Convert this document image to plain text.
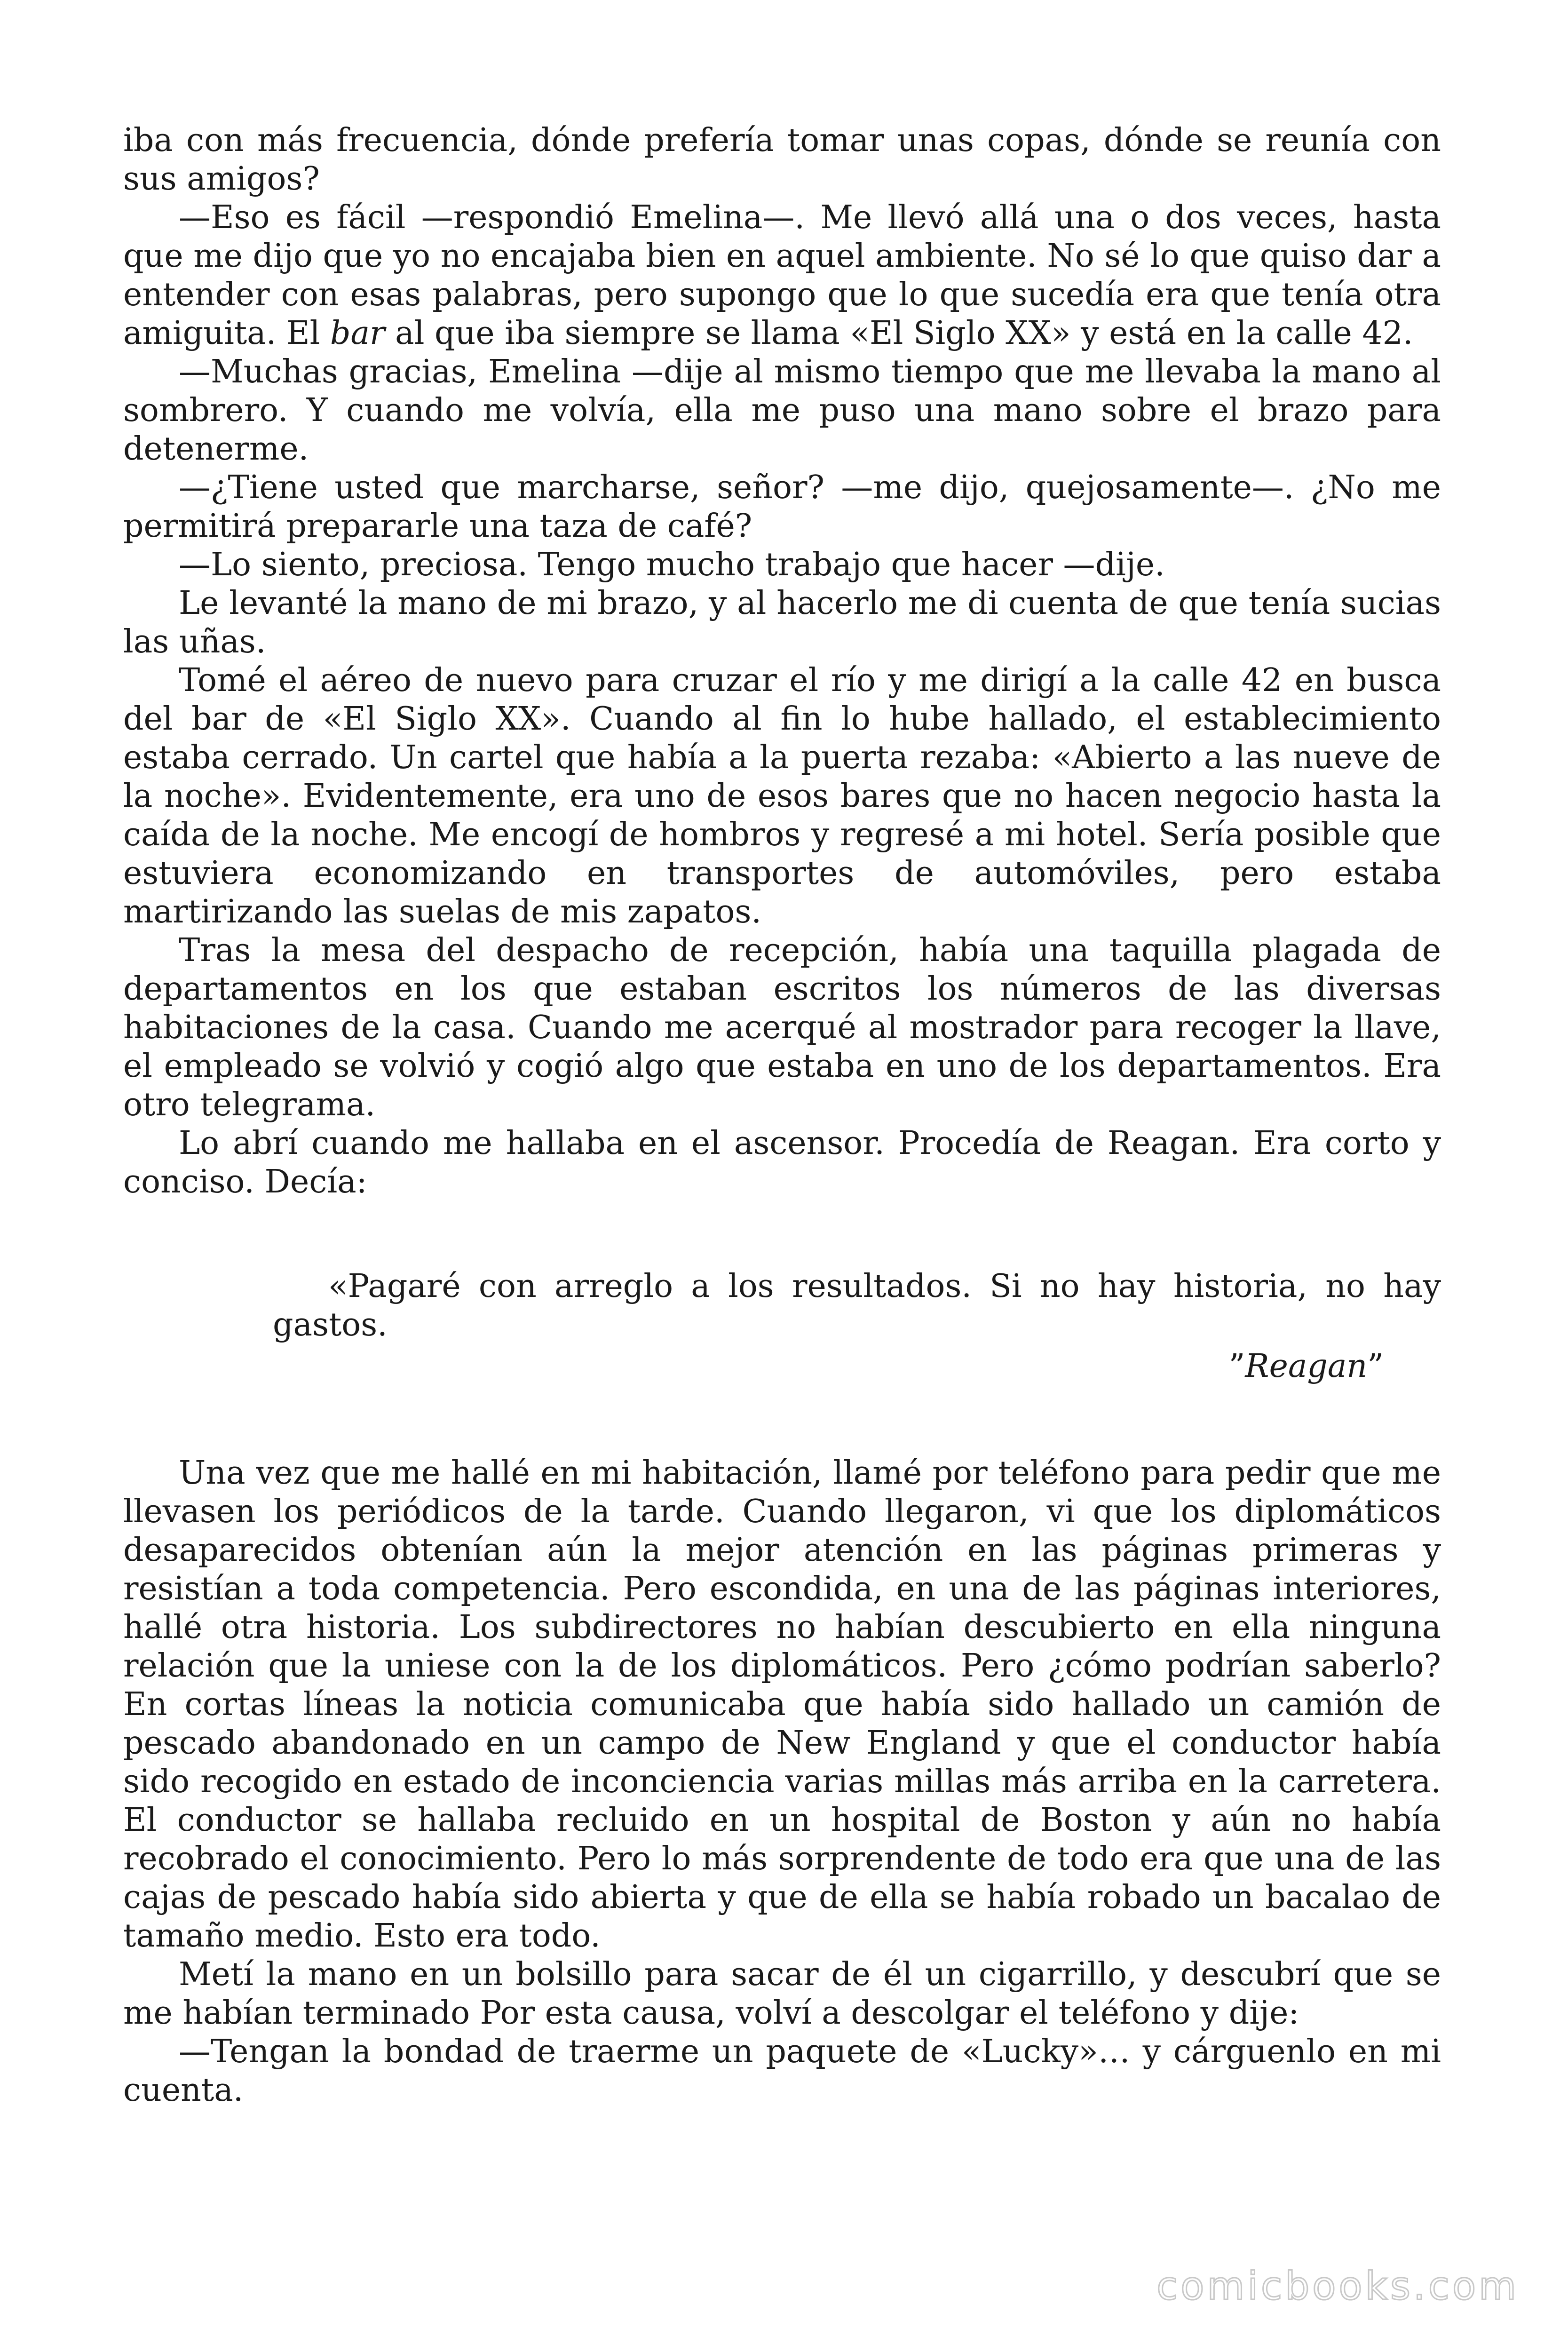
iba con más frecuencia, dónde prefería tomar unas copas, dónde se reunía con sus amigos?

—Eso es fácil —respondió Emelina—. Me llevó allá una o dos veces, hasta que me dijo que yo no encajaba bien en aquel ambiente. No sé lo que quiso dar a entender con esas palabras, pero supongo que lo que sucedía era que tenía otra amiguita. El bar al que iba siempre se llama «El Siglo XX» y está en la calle 42.

—Muchas gracias, Emelina —dije al mismo tiempo que me llevaba la mano al sombrero. Y cuando me volvía, ella me puso una mano sobre el brazo para detenerme.

—¿Tiene usted que marcharse, señor? —me dijo, quejosamente—. ¿No me permitirá prepararle una taza de café?

—Lo siento, preciosa. Tengo mucho trabajo que hacer —dije.

Le levanté la mano de mi brazo, y al hacerlo me di cuenta de que tenía sucias las uñas.

Tomé el aéreo de nuevo para cruzar el río y me dirigí a la calle 42 en busca del bar de «El Siglo XX». Cuando al fin lo hube hallado, el establecimiento estaba cerrado. Un cartel que había a la puerta rezaba: «Abierto a las nueve de la noche». Evidentemente, era uno de esos bares que no hacen negocio hasta la caída de la noche. Me encogí de hombros y regresé a mi hotel. Sería posible que estuviera economizando en transportes de automóviles, pero estaba martirizando las suelas de mis zapatos.

Tras la mesa del despacho de recepción, había una taquilla plagada de departamentos en los que estaban escritos los números de las diversas habitaciones de la casa. Cuando me acerqué al mostrador para recoger la llave, el empleado se volvió y cogió algo que estaba en uno de los departamentos. Era otro telegrama.

Lo abrí cuando me hallaba en el ascensor. Procedía de Reagan. Era corto y conciso. Decía:

«Pagaré con arreglo a los resultados. Si no hay historia, no hay gastos.

”Reagan”

Una vez que me hallé en mi habitación, llamé por teléfono para pedir que me llevasen los periódicos de la tarde. Cuando llegaron, vi que los diplomáticos desaparecidos obtenían aún la mejor atención en las páginas primeras y resistían a toda competencia. Pero escondida, en una de las páginas interiores, hallé otra historia. Los subdirectores no habían descubierto en ella ninguna relación que la uniese con la de los diplomáticos. Pero ¿cómo podrían saberlo? En cortas líneas la noticia comunicaba que había sido hallado un camión de pescado abandonado en un campo de New England y que el conductor había sido recogido en estado de inconciencia varias millas más arriba en la carretera. El conductor se hallaba recluido en un hospital de Boston y aún no había recobrado el conocimiento. Pero lo más sorprendente de todo era que una de las cajas de pescado había sido abierta y que de ella se había robado un bacalao de tamaño medio. Esto era todo.

Metí la mano en un bolsillo para sacar de él un cigarrillo, y descubrí que se me habían terminado Por esta causa, volví a descolgar el teléfono y dije:

—Tengan la bondad de traerme un paquete de «Lucky»… y cárguenlo en mi cuenta.

comicbooks.com
